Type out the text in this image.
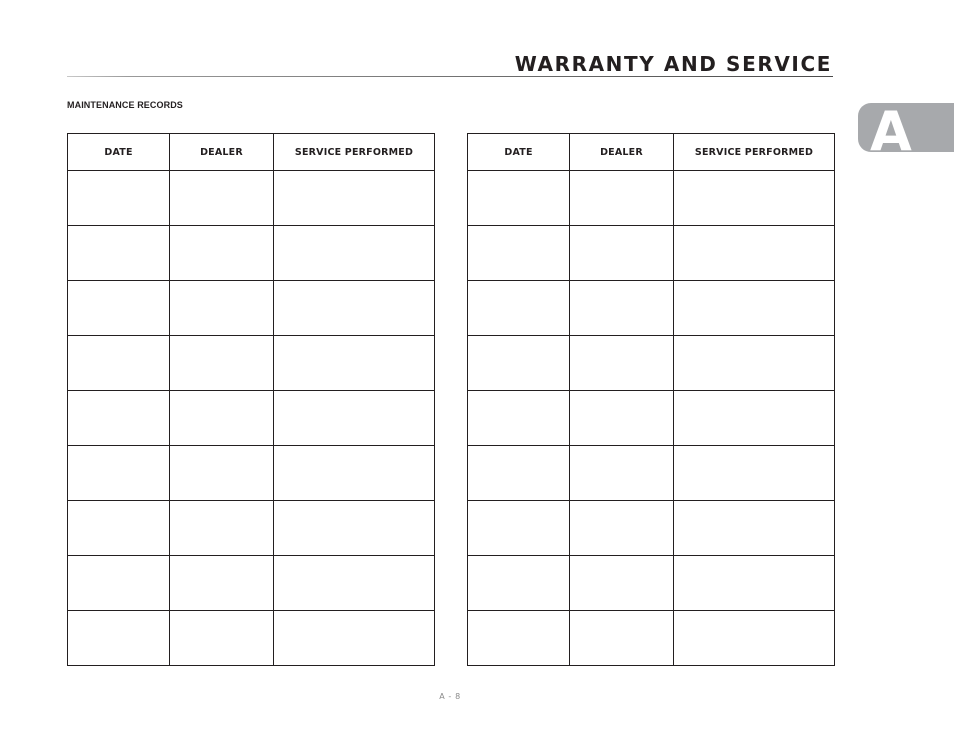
WARRANTY AND SERVICE
MAINTENANCE RECORDS	A
DATE	DEALER	SERVICE PERFORMED

			DATE	DEALER	SERVICE PERFORMED

A - 8
